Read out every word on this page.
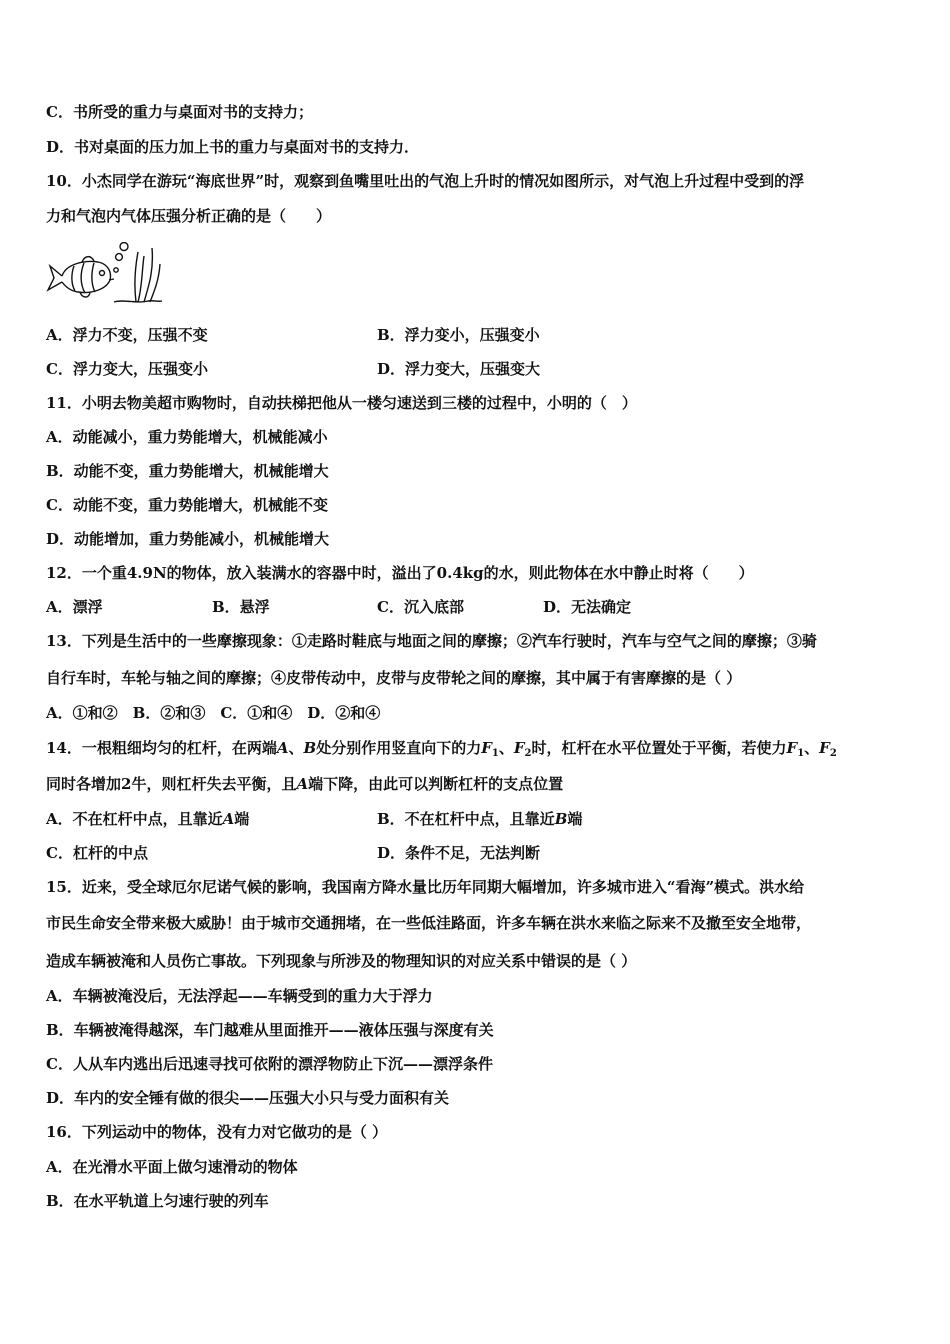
C．书所受的重力与桌面对书的支持力；
D．书对桌面的压力加上书的重力与桌面对书的支持力．
10．小杰同学在游玩“海底世界”时，观察到鱼嘴里吐出的气泡上升时的情况如图所示，对气泡上升过程中受到的浮
力和气泡内气体压强分析正确的是（　　）
A．浮力不变，压强不变	B．浮力变小，压强变小
C．浮力变大，压强变小	D．浮力变大，压强变大
11．小明去物美超市购物时，自动扶梯把他从一楼匀速送到三楼的过程中，小明的（　）
A．动能减小，重力势能增大，机械能减小
B．动能不变，重力势能增大，机械能增大
C．动能不变，重力势能增大，机械能不变
D．动能增加，重力势能减小，机械能增大
12．一个重4.9N的物体，放入装满水的容器中时，溢出了0.4kg的水，则此物体在水中静止时将（　　）
A．漂浮	B．悬浮	C．沉入底部	D．无法确定
13．下列是生活中的一些摩擦现象：①走路时鞋底与地面之间的摩擦；②汽车行驶时，汽车与空气之间的摩擦；③骑
自行车时，车轮与轴之间的摩擦；④皮带传动中，皮带与皮带轮之间的摩擦，其中属于有害摩擦的是（ ）
A．①和②　B．②和③　C．①和④　D．②和④
14．一根粗细均匀的杠杆，在两端A、B处分别作用竖直向下的力$F_1$、$F_2$时，杠杆在水平位置处于平衡，若使力$F_1$、$F_2$
同时各增加2牛，则杠杆失去平衡，且A端下降，由此可以判断杠杆的支点位置
A．不在杠杆中点，且靠近A端	B．不在杠杆中点，且靠近B端
C．杠杆的中点	D．条件不足，无法判断
15．近来，受全球厄尔尼诺气候的影响，我国南方降水量比历年同期大幅增加，许多城市进入“看海”模式。洪水给
市民生命安全带来极大威胁！由于城市交通拥堵，在一些低洼路面，许多车辆在洪水来临之际来不及撤至安全地带，
造成车辆被淹和人员伤亡事故。下列现象与所涉及的物理知识的对应关系中错误的是（ ）
A．车辆被淹没后，无法浮起——车辆受到的重力大于浮力
B．车辆被淹得越深，车门越难从里面推开——液体压强与深度有关
C．人从车内逃出后迅速寻找可依附的漂浮物防止下沉——漂浮条件
D．车内的安全锤有做的很尖——压强大小只与受力面积有关
16．下列运动中的物体，没有力对它做功的是（ ）
A．在光滑水平面上做匀速滑动的物体
B．在水平轨道上匀速行驶的列车
